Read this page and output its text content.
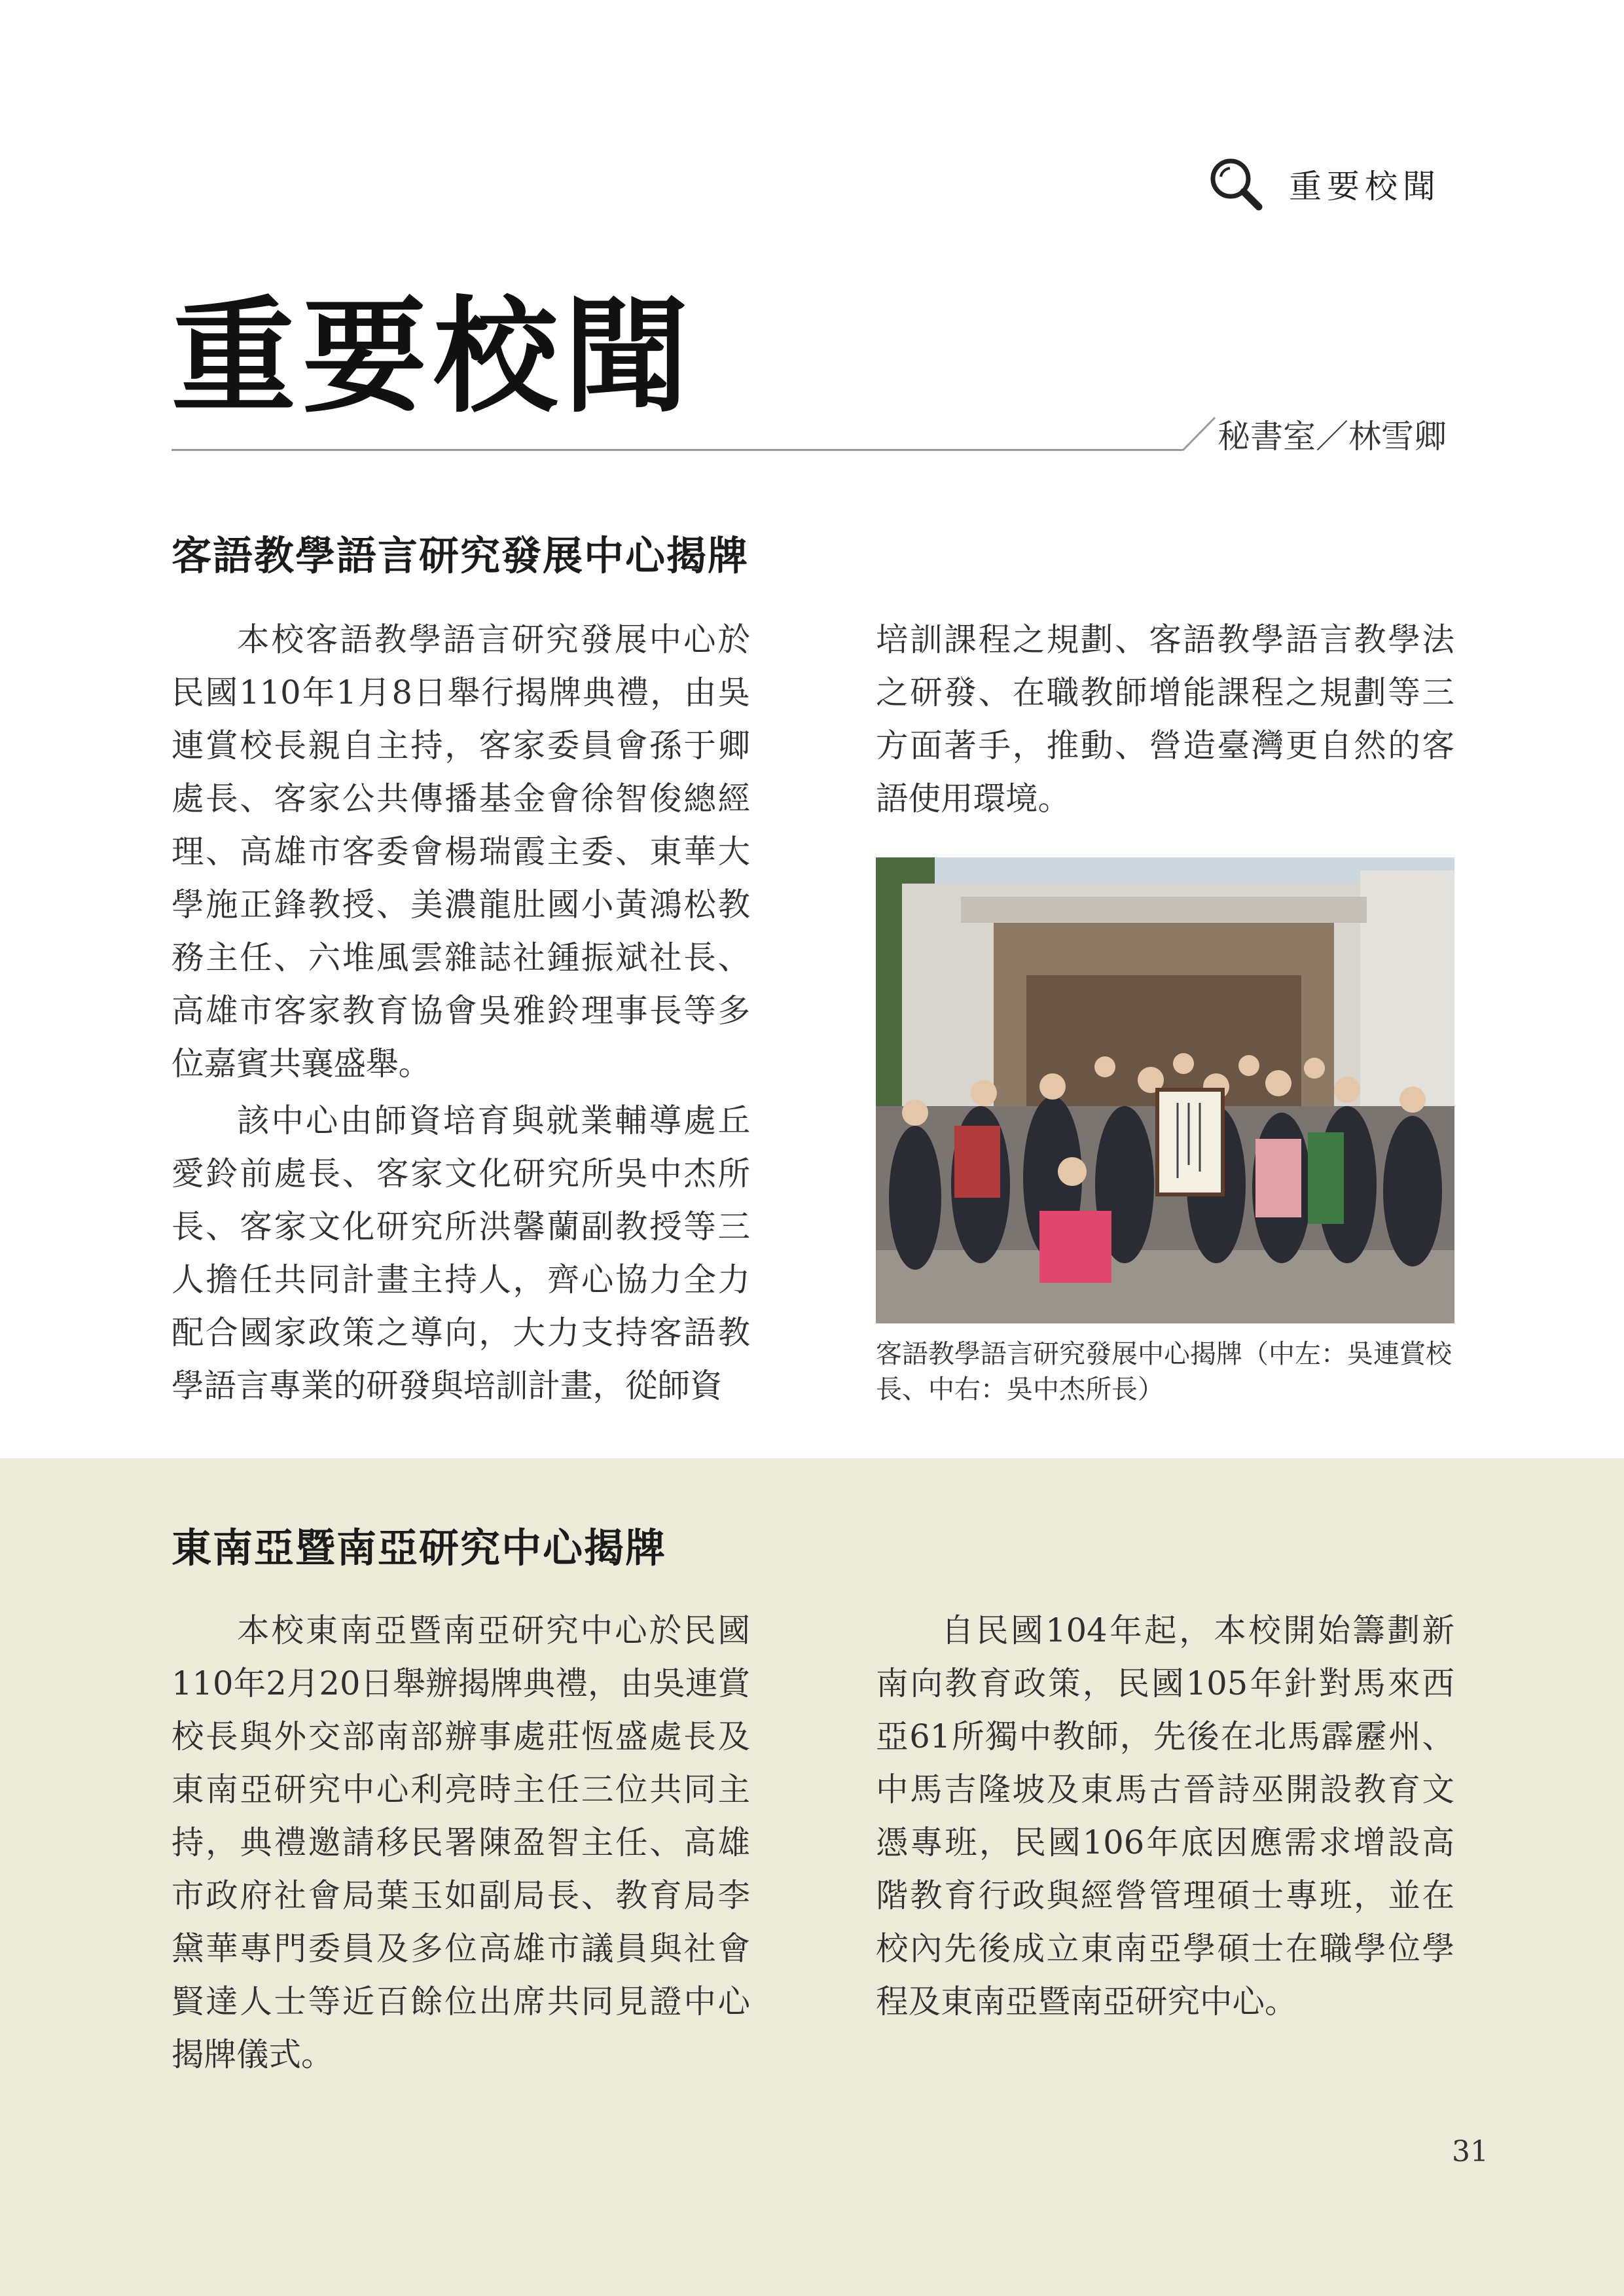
重要校聞
重要校聞
秘書室／林雪卿
客語教學語言研究發展中心揭牌

本校客語教學語言研究發展中心於民國110年1月8日舉行揭牌典禮，由吳連賞校長親自主持，客家委員會孫于卿處長、客家公共傳播基金會徐智俊總經理、高雄市客委會楊瑞霞主委、東華大學施正鋒教授、美濃龍肚國小黃鴻松教務主任、六堆風雲雜誌社鍾振斌社長、高雄市客家教育協會吳雅鈴理事長等多位嘉賓共襄盛舉。

該中心由師資培育與就業輔導處丘愛鈴前處長、客家文化研究所吳中杰所長、客家文化研究所洪馨蘭副教授等三人擔任共同計畫主持人，齊心協力全力配合國家政策之導向，大力支持客語教學語言專業的研發與培訓計畫，從師資

培訓課程之規劃、客語教學語言教學法之研發、在職教師增能課程之規劃等三方面著手，推動、營造臺灣更自然的客語使用環境。

客語教學語言研究發展中心揭牌（中左：吳連賞校長、中右：吳中杰所長）
東南亞暨南亞研究中心揭牌

本校東南亞暨南亞研究中心於民國110年2月20日舉辦揭牌典禮，由吳連賞校長與外交部南部辦事處莊恆盛處長及東南亞研究中心利亮時主任三位共同主持，典禮邀請移民署陳盈智主任、高雄市政府社會局葉玉如副局長、教育局李黛華專門委員及多位高雄市議員與社會賢達人士等近百餘位出席共同見證中心揭牌儀式。

自民國104年起，本校開始籌劃新南向教育政策，民國105年針對馬來西亞61所獨中教師，先後在北馬霹靂州、中馬吉隆坡及東馬古晉詩巫開設教育文憑專班，民國106年底因應需求增設高階教育行政與經營管理碩士專班，並在校內先後成立東南亞學碩士在職學位學程及東南亞暨南亞研究中心。

31
